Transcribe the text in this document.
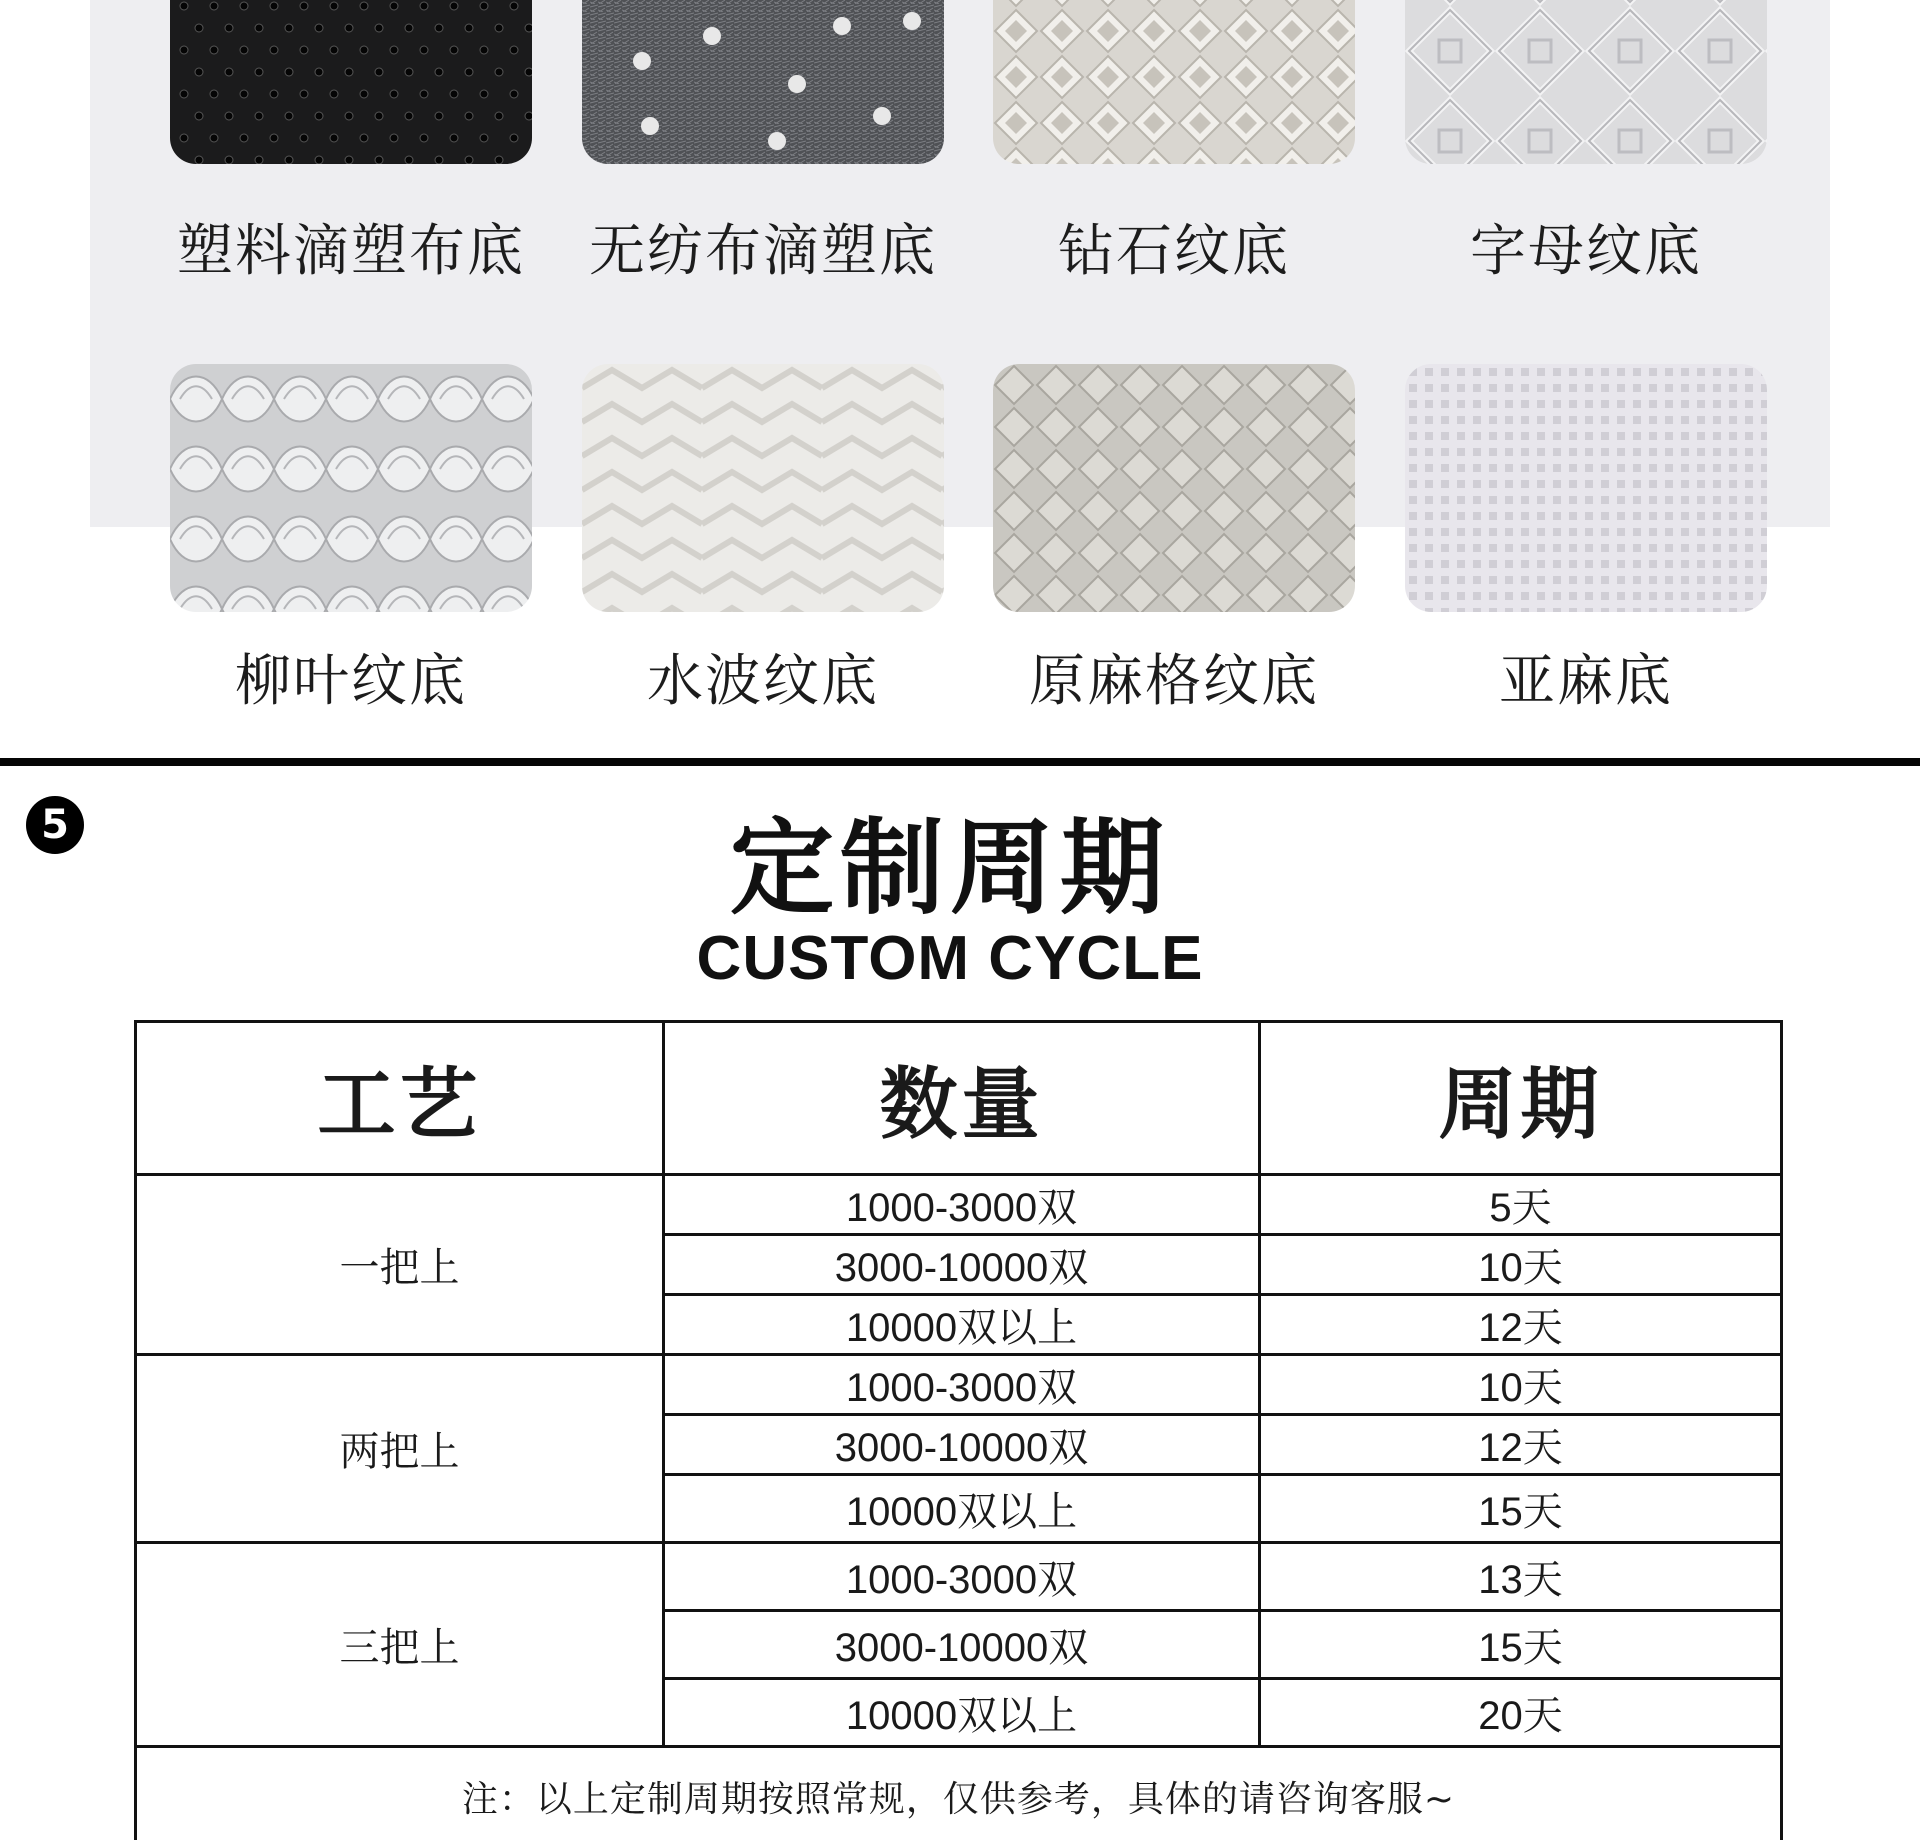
塑料滴塑布底	无纺布滴塑底	钻石纹底	字母纹底
柳叶纹底	水波纹底	原麻格纹底	亚麻底
5	定制周期
CUSTOM CYCLE
工艺	数量	周期
一把上	1000-3000双	5天
	3000-10000双	10天
	10000双以上	12天
两把上	1000-3000双	10天
	3000-10000双	12天
	10000双以上	15天
三把上	1000-3000双	13天
	3000-10000双	15天
	10000双以上	20天
注：以上定制周期按照常规，仅供参考，具体的请咨询客服~		
